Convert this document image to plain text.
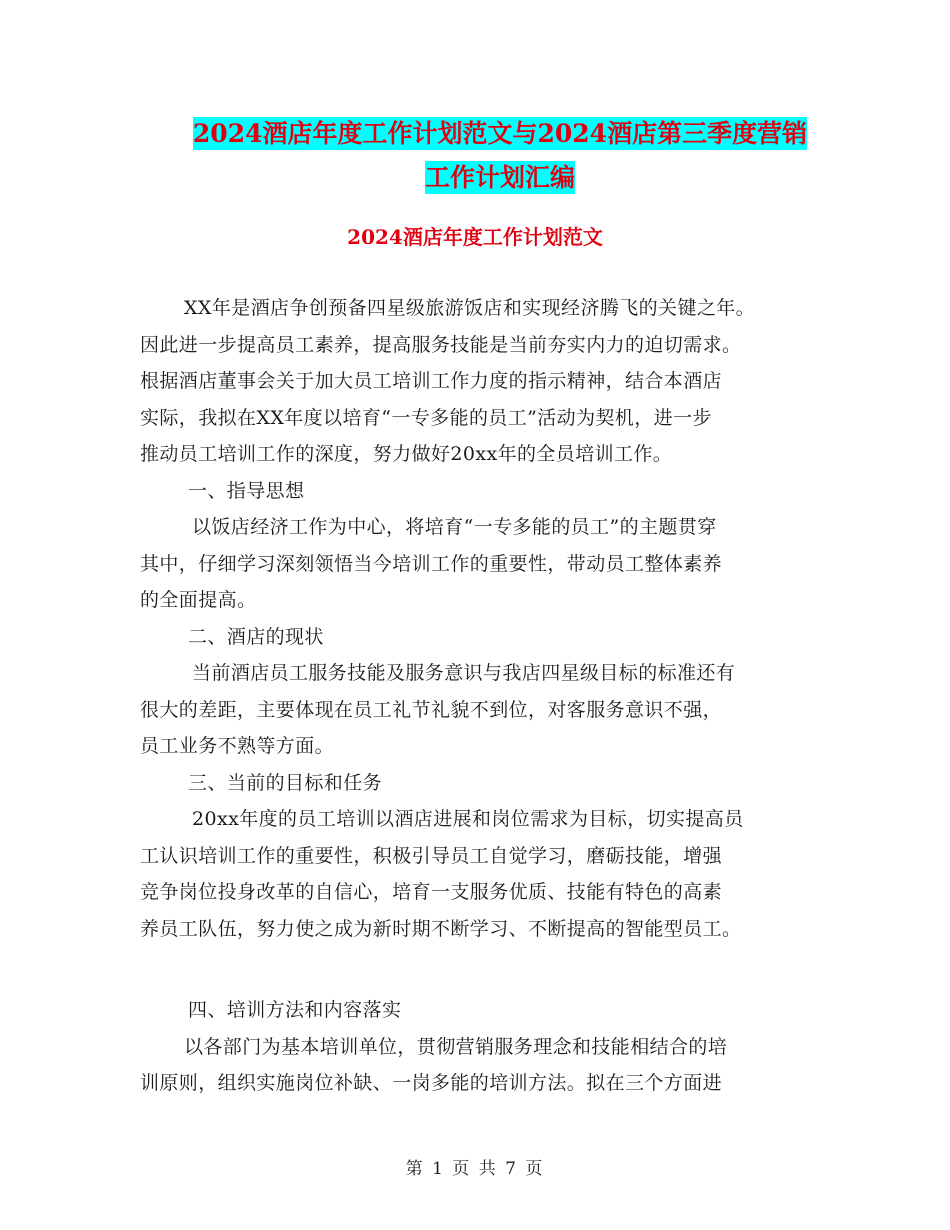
2024酒店年度工作计划范文与2024酒店第三季度营销
工作计划汇编
2024酒店年度工作计划范文
XX年是酒店争创预备四星级旅游饭店和实现经济腾飞的关键之年。
因此进一步提高员工素养，提高服务技能是当前夯实内力的迫切需求。
根据酒店董事会关于加大员工培训工作力度的指示精神，结合本酒店
实际，我拟在XX年度以培育“一专多能的员工”活动为契机，进一步
推动员工培训工作的深度，努力做好20xx年的全员培训工作。
一、指导思想
以饭店经济工作为中心，将培育“一专多能的员工”的主题贯穿
其中，仔细学习深刻领悟当今培训工作的重要性，带动员工整体素养
的全面提高。
二、酒店的现状
当前酒店员工服务技能及服务意识与我店四星级目标的标准还有
很大的差距，主要体现在员工礼节礼貌不到位，对客服务意识不强，
员工业务不熟等方面。
三、当前的目标和任务
20xx年度的员工培训以酒店进展和岗位需求为目标，切实提高员
工认识培训工作的重要性，积极引导员工自觉学习，磨砺技能，增强
竞争岗位投身改革的自信心，培育一支服务优质、技能有特色的高素
养员工队伍，努力使之成为新时期不断学习、不断提高的智能型员工。
四、培训方法和内容落实
以各部门为基本培训单位，贯彻营销服务理念和技能相结合的培
训原则，组织实施岗位补缺、一岗多能的培训方法。拟在三个方面进
第 1 页 共 7 页
